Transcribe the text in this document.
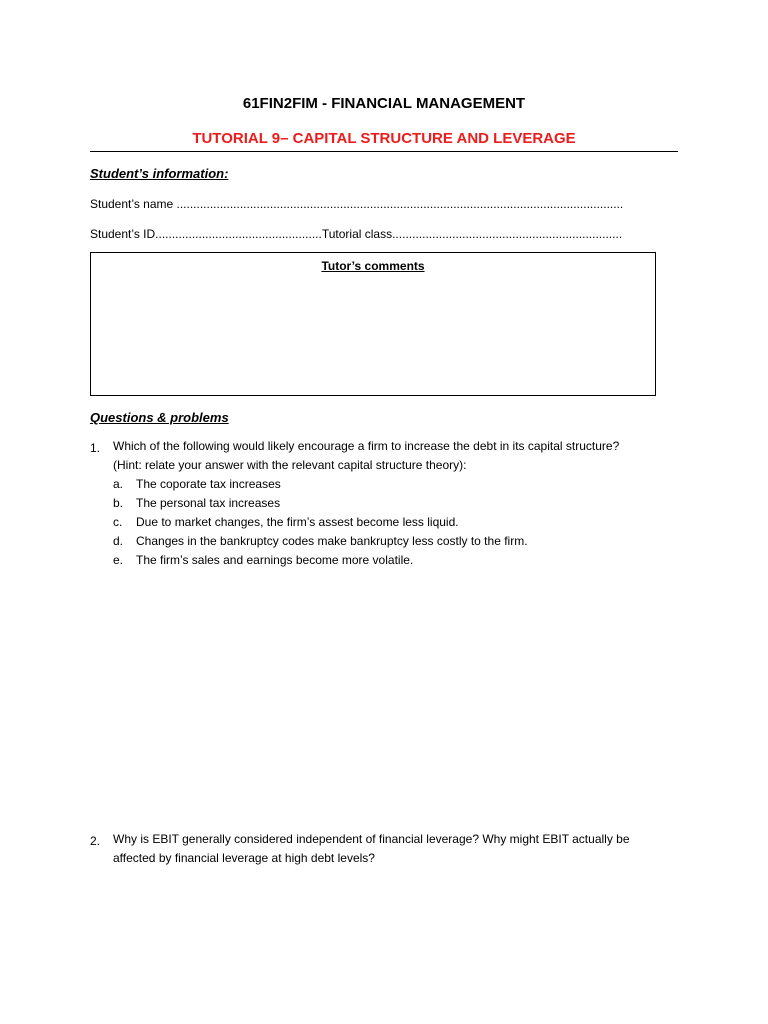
61FIN2FIM - FINANCIAL MANAGEMENT
TUTORIAL 9– CAPITAL STRUCTURE AND LEVERAGE
Student’s information:
Student’s name ......................................................................................................................................
Student’s ID..................................................Tutorial class.....................................................................
Tutor’s comments
Questions & problems
1. Which of the following would likely encourage a firm to increase the debt in its capital structure?
(Hint: relate your answer with the relevant capital structure theory):
a. The coporate tax increases
b. The personal tax increases
c. Due to market changes, the firm’s assest become less liquid.
d. Changes in the bankruptcy codes make bankruptcy less costly to the firm.
e. The firm’s sales and earnings become more volatile.
2. Why is EBIT generally considered independent of financial leverage? Why might EBIT actually be
affected by financial leverage at high debt levels?
